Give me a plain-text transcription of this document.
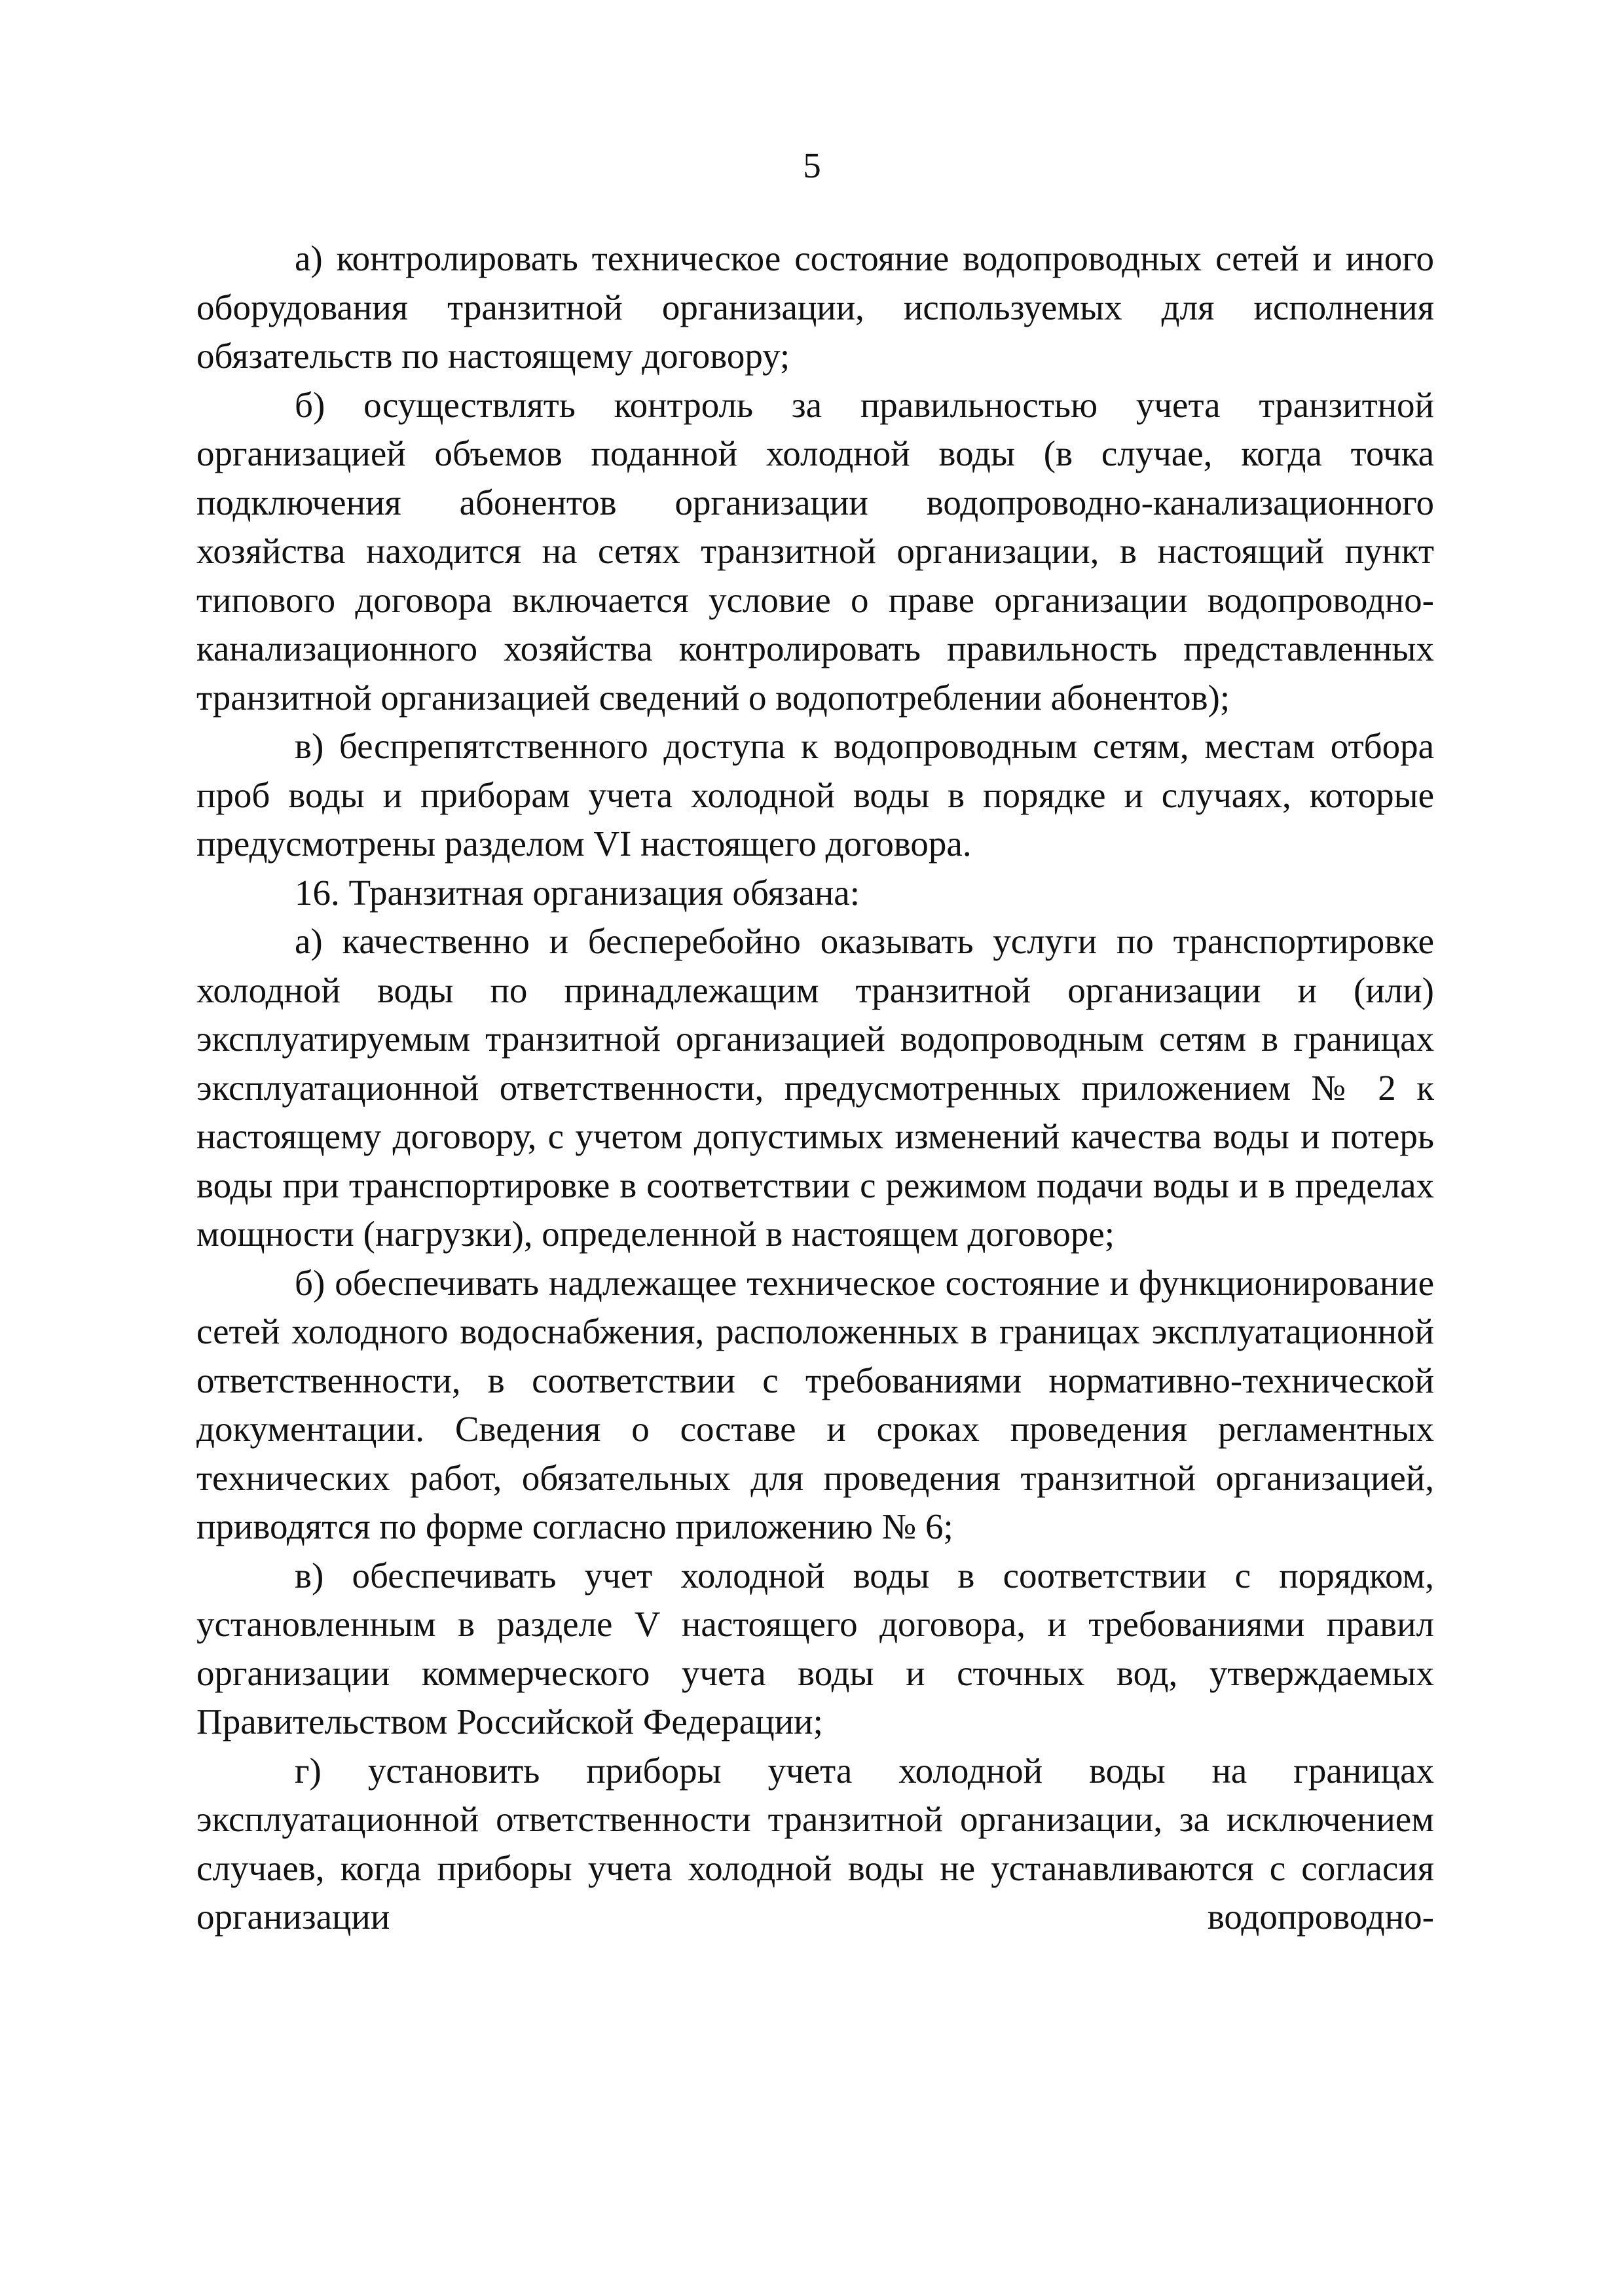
5

а) контролировать техническое состояние водопроводных сетей и иного оборудования транзитной организации, используемых для исполнения обязательств по настоящему договору;

б) осуществлять контроль за правильностью учета транзитной организацией объемов поданной холодной воды (в случае, когда точка подключения абонентов организации водопроводно-канализационного хозяйства находится на сетях транзитной организации, в настоящий пункт типового договора включается условие о праве организации водопроводно-канализационного хозяйства контролировать правильность представленных транзитной организацией сведений о водопотреблении абонентов);

в) беспрепятственного доступа к водопроводным сетям, местам отбора проб воды и приборам учета холодной воды в порядке и случаях, которые предусмотрены разделом VI настоящего договора.

16. Транзитная организация обязана:

а) качественно и бесперебойно оказывать услуги по транспортировке холодной воды по принадлежащим транзитной организации и (или) эксплуатируемым транзитной организацией водопроводным сетям в границах эксплуатационной ответственности, предусмотренных приложением № 2 к настоящему договору, с учетом допустимых изменений качества воды и потерь воды при транспортировке в соответствии с режимом подачи воды и в пределах мощности (нагрузки), определенной в настоящем договоре;

б) обеспечивать надлежащее техническое состояние и функционирование сетей холодного водоснабжения, расположенных в границах эксплуатационной ответственности, в соответствии с требованиями нормативно-технической документации. Сведения о составе и сроках проведения регламентных технических работ, обязательных для проведения транзитной организацией, приводятся по форме согласно приложению № 6;

в) обеспечивать учет холодной воды в соответствии с порядком, установленным в разделе V настоящего договора, и требованиями правил организации коммерческого учета воды и сточных вод, утверждаемых Правительством Российской Федерации;

г) установить приборы учета холодной воды на границах эксплуатационной ответственности транзитной организации, за исключением случаев, когда приборы учета холодной воды не устанавливаются с согласия организации водопроводно-
